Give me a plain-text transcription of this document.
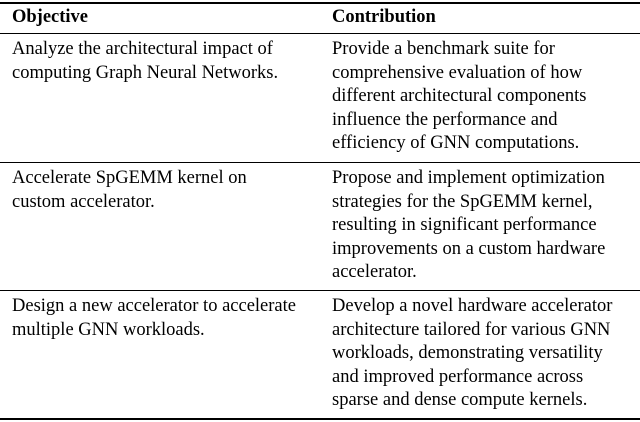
Objective	Contribution
Analyze the architectural impact of
computing Graph Neural Networks.
Provide a benchmark suite for
comprehensive evaluation of how
different architectural components
influence the performance and
efficiency of GNN computations.
Accelerate SpGEMM kernel on
custom accelerator.
Propose and implement optimization
strategies for the SpGEMM kernel,
resulting in significant performance
improvements on a custom hardware
accelerator.
Design a new accelerator to accelerate
multiple GNN workloads.
Develop a novel hardware accelerator
architecture tailored for various GNN
workloads, demonstrating versatility
and improved performance across
sparse and dense compute kernels.
